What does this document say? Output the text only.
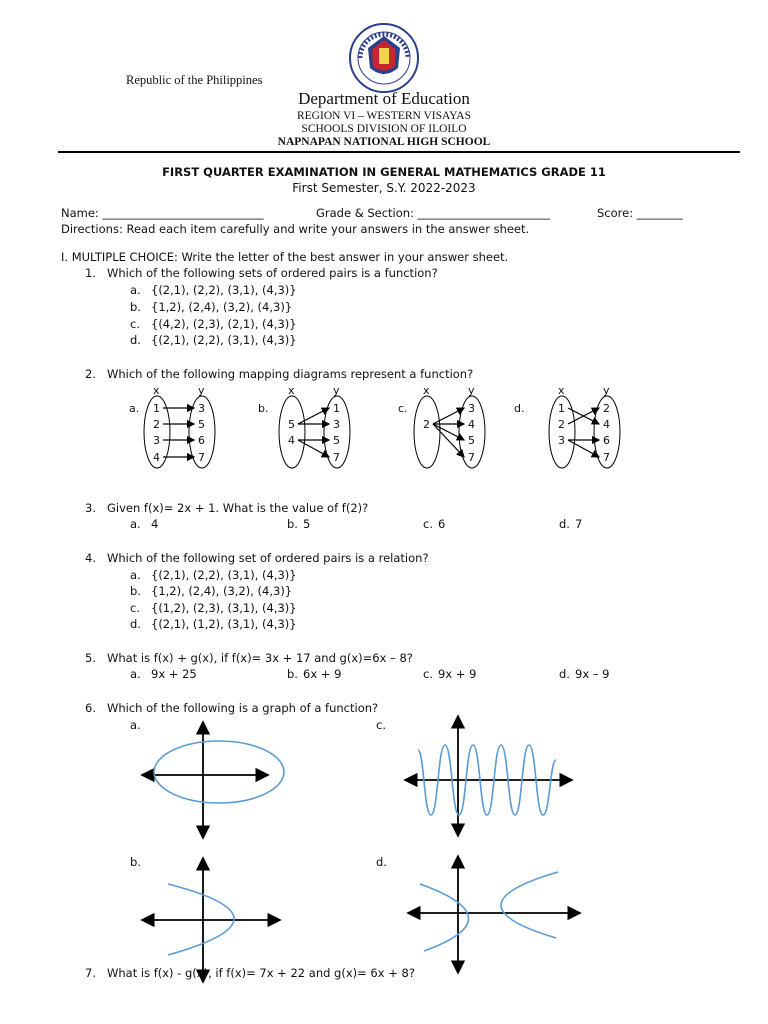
Republic of the Philippines
Department of Education
REGION VI – WESTERN VISAYAS
SCHOOLS DIVISION OF ILOILO
NAPNAPAN NATIONAL HIGH SCHOOL
FIRST QUARTER EXAMINATION IN GENERAL MATHEMATICS GRADE 11
First Semester, S.Y. 2022-2023
Name: ____________________________	Grade & Section: _______________________	Score: ________
Directions: Read each item carefully and write your answers in the answer sheet.
I. MULTIPLE CHOICE: Write the letter of the best answer in your answer sheet.
1. Which of the following sets of ordered pairs is a function?
a. {(2,1), (2,2), (3,1), (4,3)}
b. {1,2), (2,4), (3,2), (4,3)}
c. {(4,2), (2,3), (2,1), (4,3)}
d. {(2,1), (2,2), (3,1), (4,3)}
2. Which of the following mapping diagrams represent a function?
a.
x	y
1
2
3
4
3
5
6
7
b.
x	y
5
4
1
3
5
7
c.
x	y
2
3
4
5
7
d.
x	y
1
2
3
2
4
6
7
3. Given f(x)= 2x + 1. What is the value of f(2)?
a. 4	b. 5	c. 6	d. 7
4. Which of the following set of ordered pairs is a relation?
a. {(2,1), (2,2), (3,1), (4,3)}
b. {1,2), (2,4), (3,2), (4,3)}
c. {(1,2), (2,3), (3,1), (4,3)}
d. {(2,1), (1,2), (3,1), (4,3)}
5. What is f(x) + g(x), if f(x)= 3x + 17 and g(x)=6x – 8?
a. 9x + 25	b. 6x + 9	c. 9x + 9	d. 9x – 9
6. Which of the following is a graph of a function?
a.	c.
b.	d.
7. What is f(x) - g(x), if f(x)= 7x + 22 and g(x)= 6x + 8?
